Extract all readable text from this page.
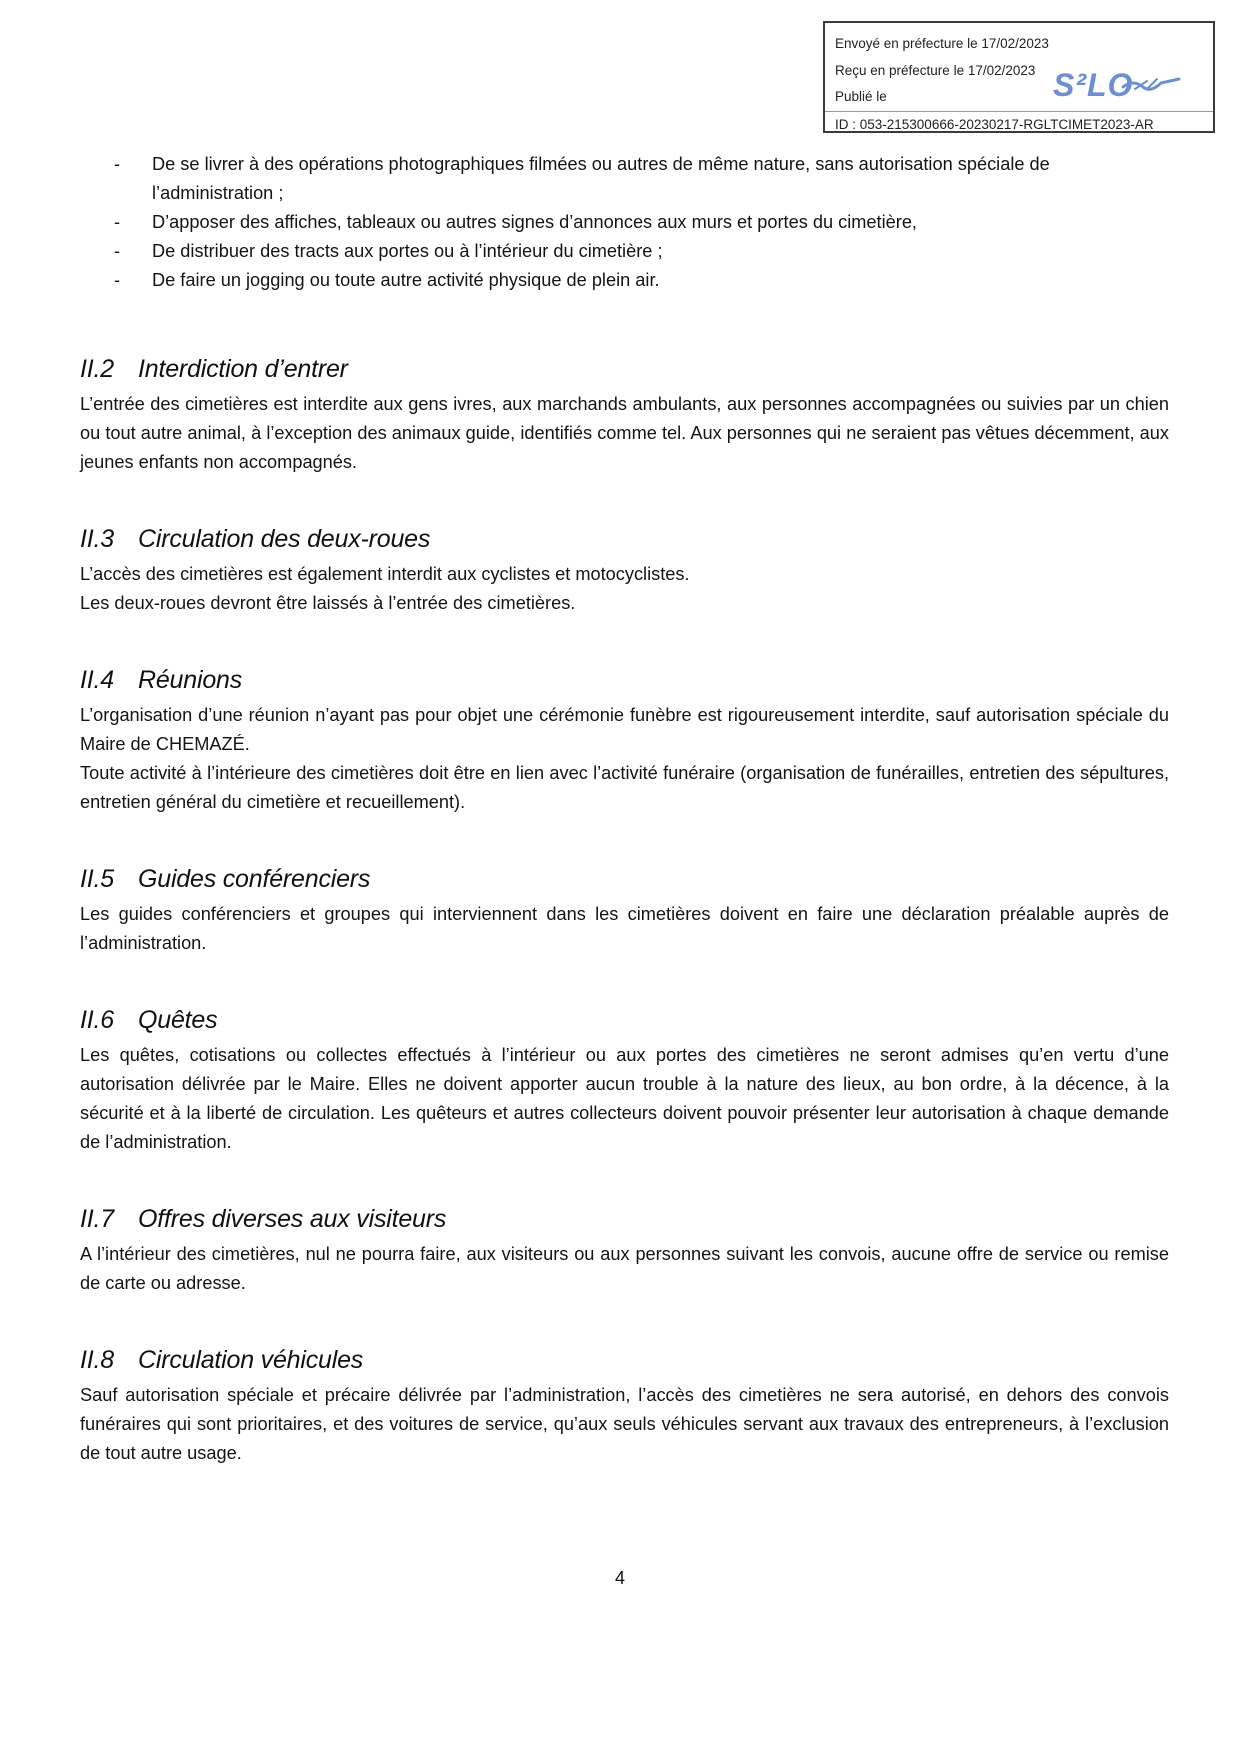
Envoyé en préfecture le 17/02/2023
Reçu en préfecture le 17/02/2023
Publié le
ID : 053-215300666-20230217-RGLTCIMET2023-AR
S²LO
- De se livrer à des opérations photographiques filmées ou autres de même nature, sans autorisation spéciale de l’administration ;
- D’apposer des affiches, tableaux ou autres signes d’annonces aux murs et portes du cimetière,
- De distribuer des tracts aux portes ou à l’intérieur du cimetière ;
- De faire un jogging ou toute autre activité physique de plein air.
II.2 Interdiction d’entrer

L’entrée des cimetières est interdite aux gens ivres, aux marchands ambulants, aux personnes accompagnées ou suivies par un chien ou tout autre animal, à l’exception des animaux guide, identifiés comme tel. Aux personnes qui ne seraient pas vêtues décemment, aux jeunes enfants non accompagnés.

II.3 Circulation des deux-roues

L’accès des cimetières est également interdit aux cyclistes et motocyclistes.

Les deux-roues devront être laissés à l’entrée des cimetières.

II.4 Réunions

L’organisation d’une réunion n’ayant pas pour objet une cérémonie funèbre est rigoureusement interdite, sauf autorisation spéciale du Maire de CHEMAZÉ.

Toute activité à l’intérieure des cimetières doit être en lien avec l’activité funéraire (organisation de funérailles, entretien des sépultures, entretien général du cimetière et recueillement).

II.5 Guides conférenciers

Les guides conférenciers et groupes qui interviennent dans les cimetières doivent en faire une déclaration préalable auprès de l’administration.

II.6 Quêtes

Les quêtes, cotisations ou collectes effectués à l’intérieur ou aux portes des cimetières ne seront admises qu’en vertu d’une autorisation délivrée par le Maire. Elles ne doivent apporter aucun trouble à la nature des lieux, au bon ordre, à la décence, à la sécurité et à la liberté de circulation. Les quêteurs et autres collecteurs doivent pouvoir présenter leur autorisation à chaque demande de l’administration.

II.7 Offres diverses aux visiteurs

A l’intérieur des cimetières, nul ne pourra faire, aux visiteurs ou aux personnes suivant les convois, aucune offre de service ou remise de carte ou adresse.

II.8 Circulation véhicules

Sauf autorisation spéciale et précaire délivrée par l’administration, l’accès des cimetières ne sera autorisé, en dehors des convois funéraires qui sont prioritaires, et des voitures de service, qu’aux seuls véhicules servant aux travaux des entrepreneurs, à l’exclusion de tout autre usage.

4
